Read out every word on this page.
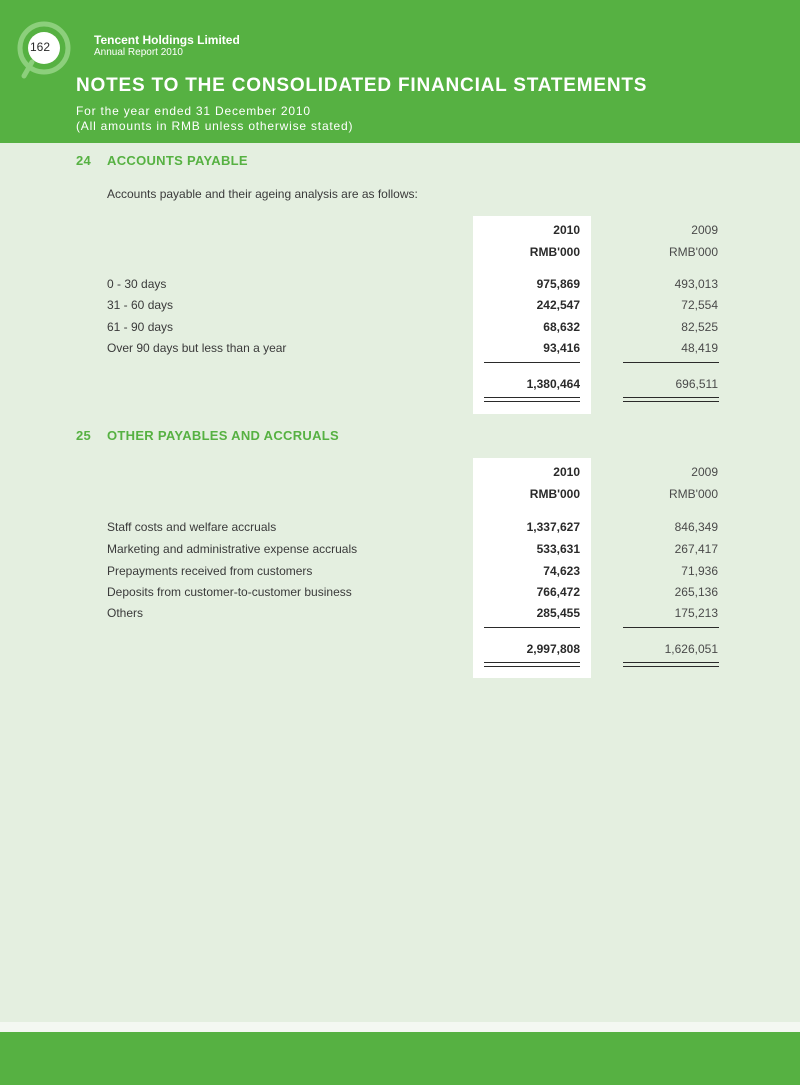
162	Tencent Holdings Limited
Annual Report 2010
NOTES TO THE CONSOLIDATED FINANCIAL STATEMENTS
For the year ended 31 December 2010
(All amounts in RMB unless otherwise stated)
24 ACCOUNTS PAYABLE
Accounts payable and their ageing analysis are as follows:
2010	2009
RMB'000	RMB'000
0 - 30 days	975,869	493,013
31 - 60 days	242,547	72,554
61 - 90 days	68,632	82,525
Over 90 days but less than a year	93,416	48,419
1,380,464	696,511
25 OTHER PAYABLES AND ACCRUALS
2010	2009
RMB'000	RMB'000
Staff costs and welfare accruals	1,337,627	846,349
Marketing and administrative expense accruals	533,631	267,417
Prepayments received from customers	74,623	71,936
Deposits from customer-to-customer business	766,472	265,136
Others	285,455	175,213
2,997,808	1,626,051
